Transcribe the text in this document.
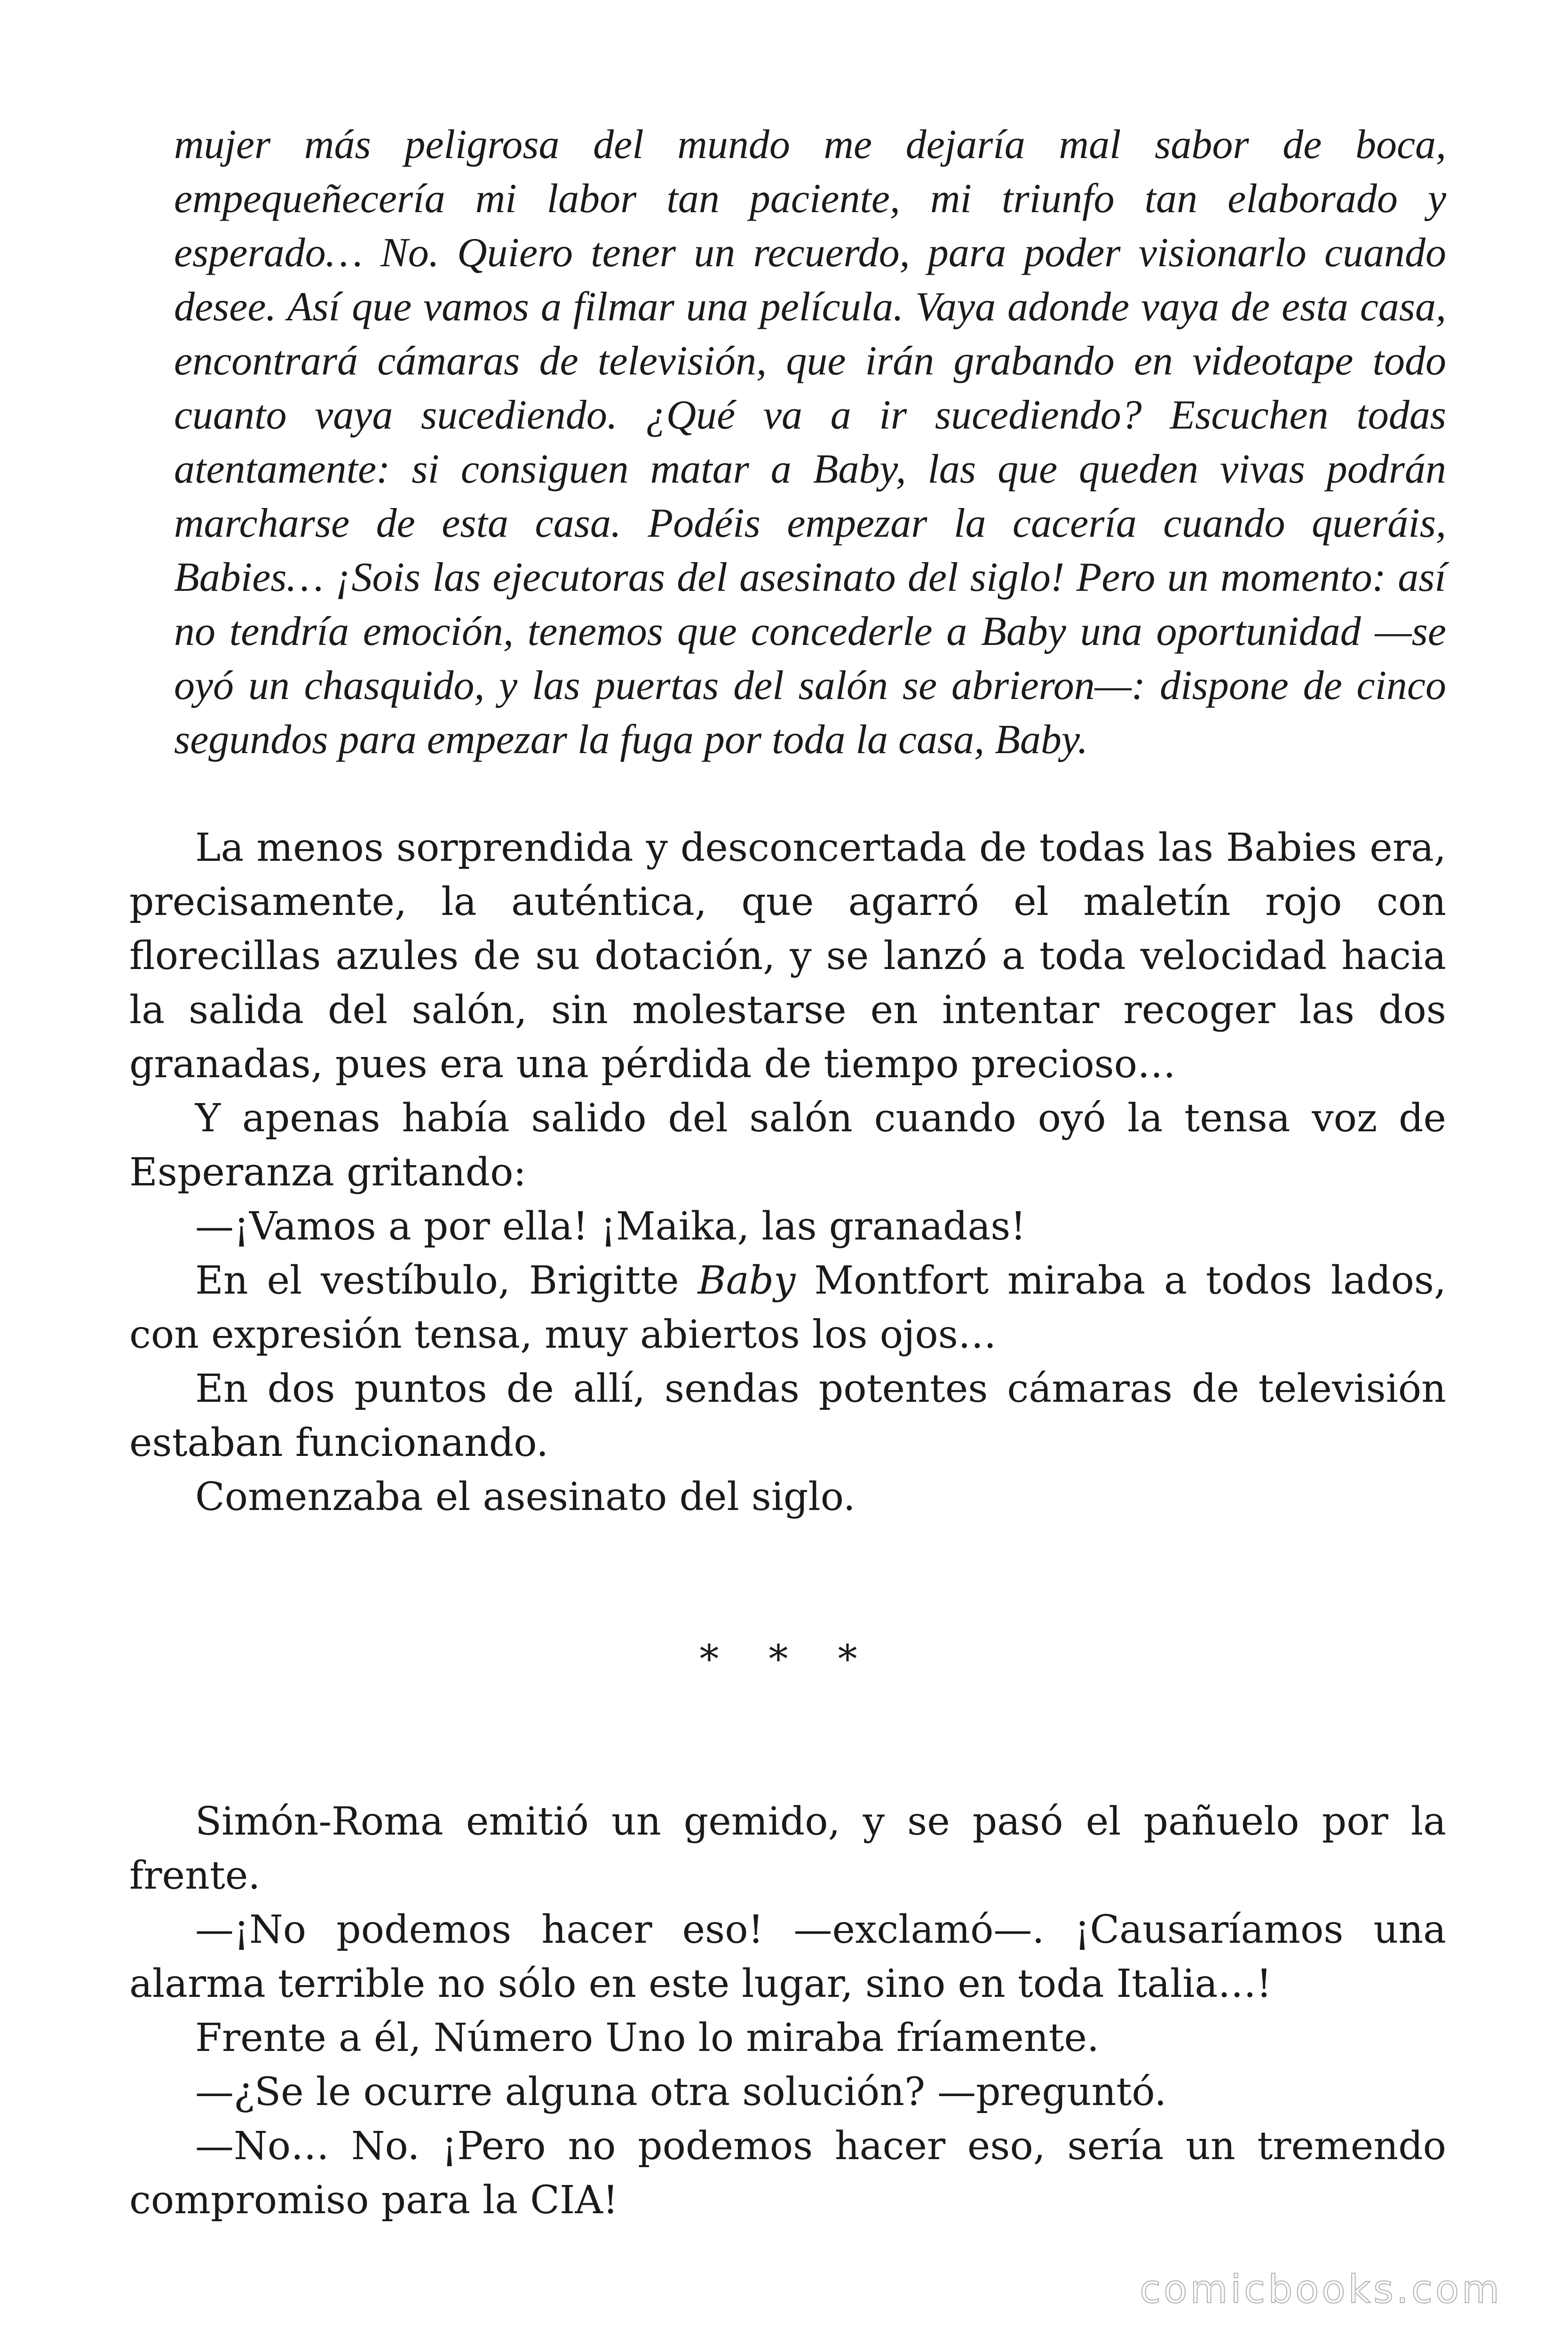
mujer más peligrosa del mundo me dejaría mal sabor de boca, empequeñecería mi labor tan paciente, mi triunfo tan elaborado y esperado… No. Quiero tener un recuerdo, para poder visionarlo cuando desee. Así que vamos a filmar una película. Vaya adonde vaya de esta casa, encontrará cámaras de televisión, que irán grabando en videotape todo cuanto vaya sucediendo. ¿Qué va a ir sucediendo? Escuchen todas atentamente: si consiguen matar a Baby, las que queden vivas podrán marcharse de esta casa. Podéis empezar la cacería cuando queráis, Babies… ¡Sois las ejecutoras del asesinato del siglo! Pero un momento: así no tendría emoción, tenemos que concederle a Baby una oportunidad —se oyó un chasquido, y las puertas del salón se abrieron—: dispone de cinco segundos para empezar la fuga por toda la casa, Baby.

La menos sorprendida y desconcertada de todas las Babies era, precisamente, la auténtica, que agarró el maletín rojo con florecillas azules de su dotación, y se lanzó a toda velocidad hacia la salida del salón, sin molestarse en intentar recoger las dos granadas, pues era una pérdida de tiempo precioso…

Y apenas había salido del salón cuando oyó la tensa voz de Esperanza gritando:

—¡Vamos a por ella! ¡Maika, las granadas!

En el vestíbulo, Brigitte Baby Montfort miraba a todos lados, con expresión tensa, muy abiertos los ojos…

En dos puntos de allí, sendas potentes cámaras de televisión estaban funcionando.

Comenzaba el asesinato del siglo.

* * *

Simón-Roma emitió un gemido, y se pasó el pañuelo por la frente.

—¡No podemos hacer eso! —exclamó—. ¡Causaríamos una alarma terrible no sólo en este lugar, sino en toda Italia…!

Frente a él, Número Uno lo miraba fríamente.

—¿Se le ocurre alguna otra solución? —preguntó.

—No… No. ¡Pero no podemos hacer eso, sería un tremendo compromiso para la CIA!

comicbooks.com
